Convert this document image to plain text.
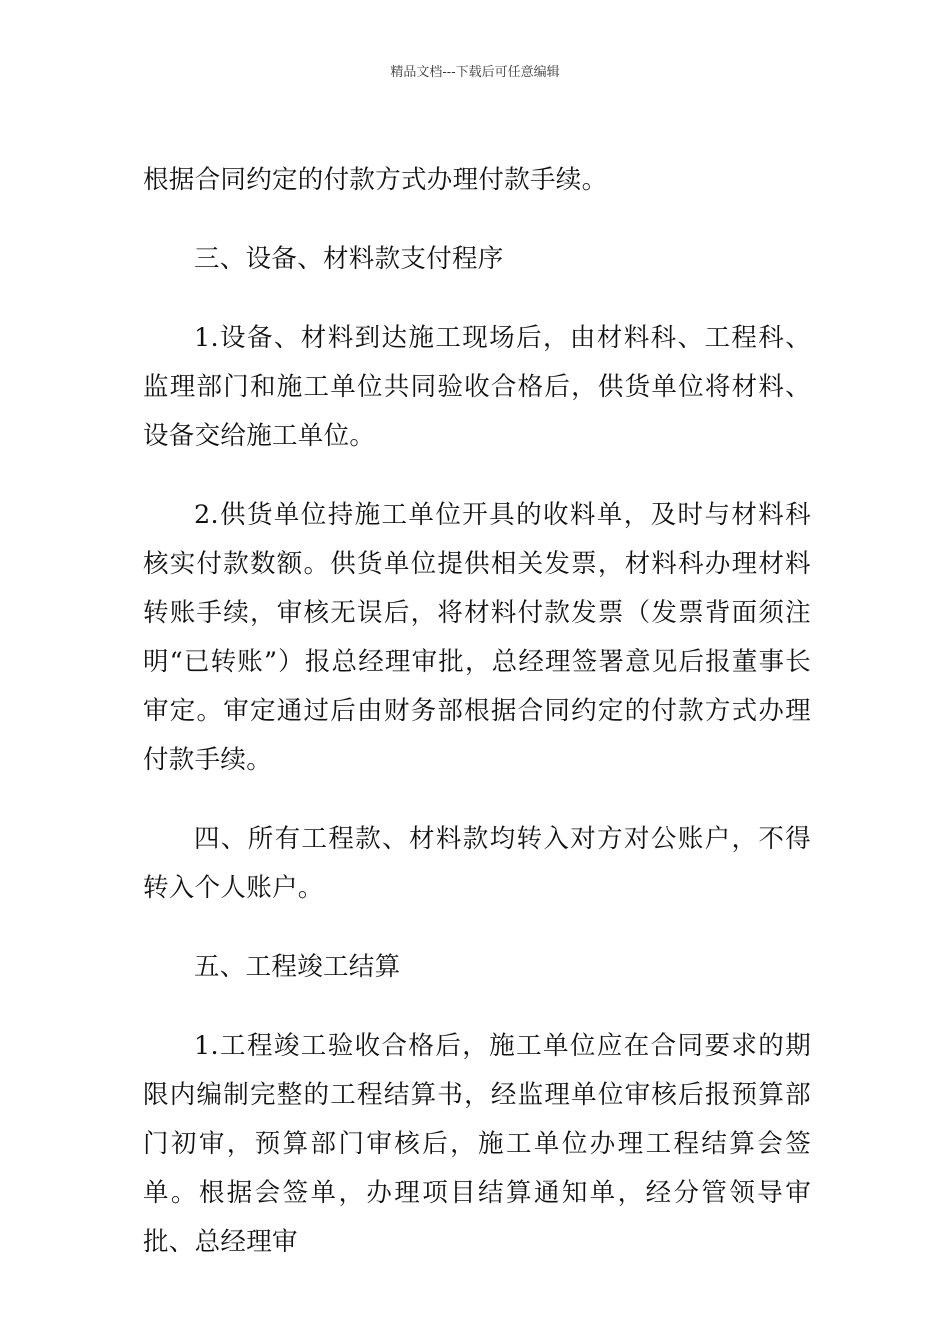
精品文档---下载后可任意编辑

根据合同约定的付款方式办理付款手续。

三、设备、材料款支付程序

1.设备、材料到达施工现场后，由材料科、工程科、监理部门和施工单位共同验收合格后，供货单位将材料、设备交给施工单位。

2.供货单位持施工单位开具的收料单，及时与材料科核实付款数额。供货单位提供相关发票，材料科办理材料转账手续，审核无误后，将材料付款发票（发票背面须注明“已转账”）报总经理审批，总经理签署意见后报董事长审定。审定通过后由财务部根据合同约定的付款方式办理付款手续。

四、所有工程款、材料款均转入对方对公账户，不得转入个人账户。

五、工程竣工结算

1.工程竣工验收合格后，施工单位应在合同要求的期限内编制完整的工程结算书，经监理单位审核后报预算部门初审，预算部门审核后，施工单位办理工程结算会签单。根据会签单，办理项目结算通知单，经分管领导审批、总经理审
